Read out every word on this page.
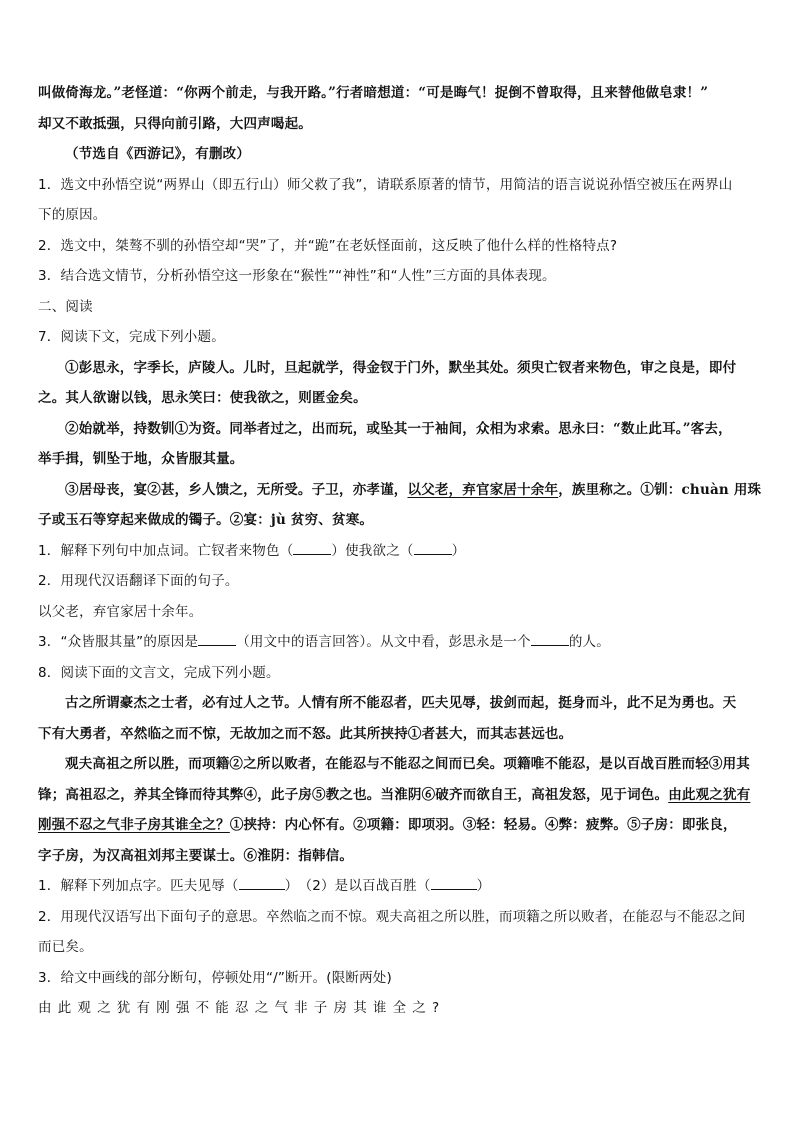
叫做倚海龙。”老怪道：“你两个前走，与我开路。”行者暗想道：“可是晦气！捉倒不曾取得，且来替他做皂隶！”

却又不敢抵强，只得向前引路，大四声喝起。

（节选自《西游记》，有删改）

1．选文中孙悟空说“两界山（即五行山）师父救了我”，请联系原著的情节，用简洁的语言说说孙悟空被压在两界山

下的原因。

2．选文中，桀骜不驯的孙悟空却“哭”了，并“跪”在老妖怪面前，这反映了他什么样的性格特点?

3．结合选文情节，分析孙悟空这一形象在“猴性”“神性”和“人性”三方面的具体表现。

二、阅读

7．阅读下文，完成下列小题。

①彭思永，字季长，庐陵人。儿时，旦起就学，得金钗于门外，默坐其处。须臾亡钗者来物色，审之良是，即付

之。其人欲谢以钱，思永笑曰：使我欲之，则匿金矣。

②始就举，持数钏①为资。同举者过之，出而玩，或坠其一于袖间，众相为求索。思永曰：“数止此耳。”客去，

举手揖，钏坠于地，众皆服其量。

③居母丧，宴②甚，乡人馈之，无所受。子卫，亦孝谨，以父老，弃官家居十余年，族里称之。①钏：chuàn 用珠

子或玉石等穿起来做成的镯子。②宴：jù 贫穷、贫寒。

1．解释下列句中加点词。亡钗者来物色（	）使我欲之（	）

2．用现代汉语翻译下面的句子。

以父老，弃官家居十余年。

3．“众皆服其量”的原因是	（用文中的语言回答）。从文中看，彭思永是一个	的人。

8．阅读下面的文言文，完成下列小题。

古之所谓豪杰之士者，必有过人之节。人情有所不能忍者，匹夫见辱，拔剑而起，挺身而斗，此不足为勇也。天

下有大勇者，卒然临之而不惊，无故加之而不怒。此其所挟持①者甚大，而其志甚远也。

观夫高祖之所以胜，而项籍②之所以败者，在能忍与不能忍之间而已矣。项籍唯不能忍，是以百战百胜而轻③用其

锋；高祖忍之，养其全锋而待其弊④，此子房⑤教之也。当淮阴⑥破齐而欲自王，高祖发怒，见于词色。由此观之犹有

刚强不忍之气非子房其谁全之？①挟持：内心怀有。②项籍：即项羽。③轻：轻易。④弊：疲弊。⑤子房：即张良，

字子房，为汉高祖刘邦主要谋士。⑥淮阴：指韩信。

1．解释下列加点字。匹夫见辱（	）　（2）是以百战百胜（	）

2．用现代汉语写出下面句子的意思。卒然临之而不惊。观夫高祖之所以胜，而项籍之所以败者，在能忍与不能忍之间

而已矣。

3．给文中画线的部分断句，停顿处用“/”断开。(限断两处)

由此观之犹有刚强不能忍之气非子房其谁全之?
